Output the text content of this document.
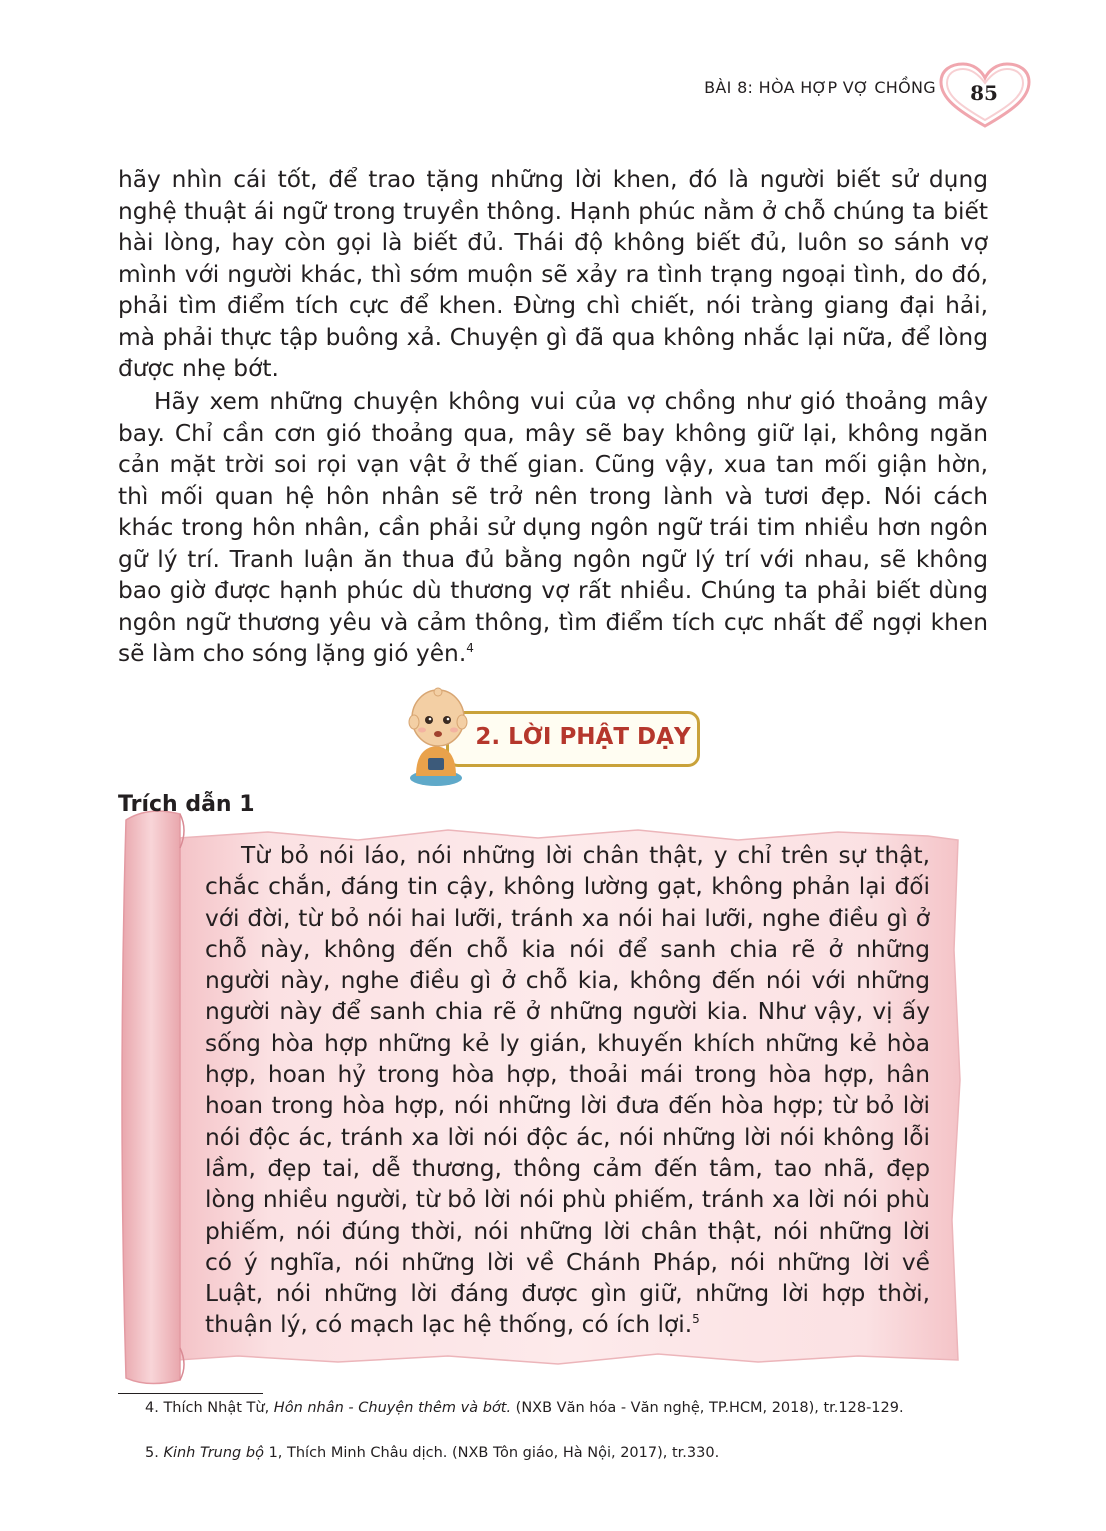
BÀI 8: HÒA HỢP VỢ CHỒNG	85

hãy nhìn cái tốt, để trao tặng những lời khen, đó là người biết sử dụng nghệ thuật ái ngữ trong truyền thông. Hạnh phúc nằm ở chỗ chúng ta biết hài lòng, hay còn gọi là biết đủ. Thái độ không biết đủ, luôn so sánh vợ mình với người khác, thì sớm muộn sẽ xảy ra tình trạng ngoại tình, do đó, phải tìm điểm tích cực để khen. Đừng chì chiết, nói tràng giang đại hải, mà phải thực tập buông xả. Chuyện gì đã qua không nhắc lại nữa, để lòng được nhẹ bớt.

Hãy xem những chuyện không vui của vợ chồng như gió thoảng mây bay. Chỉ cần cơn gió thoảng qua, mây sẽ bay không giữ lại, không ngăn cản mặt trời soi rọi vạn vật ở thế gian. Cũng vậy, xua tan mối giận hờn, thì mối quan hệ hôn nhân sẽ trở nên trong lành và tươi đẹp. Nói cách khác trong hôn nhân, cần phải sử dụng ngôn ngữ trái tim nhiều hơn ngôn gữ lý trí. Tranh luận ăn thua đủ bằng ngôn ngữ lý trí với nhau, sẽ không bao giờ được hạnh phúc dù thương vợ rất nhiều. Chúng ta phải biết dùng ngôn ngữ thương yêu và cảm thông, tìm điểm tích cực nhất để ngợi khen sẽ làm cho sóng lặng gió yên.$^4$

2. LỜI PHẬT DẠY
Trích dẫn 1

Từ bỏ nói láo, nói những lời chân thật, y chỉ trên sự thật, chắc chắn, đáng tin cậy, không lường gạt, không phản lại đối với đời, từ bỏ nói hai lưỡi, tránh xa nói hai lưỡi, nghe điều gì ở chỗ này, không đến chỗ kia nói để sanh chia rẽ ở những người này, nghe điều gì ở chỗ kia, không đến nói với những người này để sanh chia rẽ ở những người kia. Như vậy, vị ấy sống hòa hợp những kẻ ly gián, khuyến khích những kẻ hòa hợp, hoan hỷ trong hòa hợp, thoải mái trong hòa hợp, hân hoan trong hòa hợp, nói những lời đưa đến hòa hợp; từ bỏ lời nói độc ác, tránh xa lời nói độc ác, nói những lời nói không lỗi lầm, đẹp tai, dễ thương, thông cảm đến tâm, tao nhã, đẹp lòng nhiều người, từ bỏ lời nói phù phiếm, tránh xa lời nói phù phiếm, nói đúng thời, nói những lời chân thật, nói những lời có ý nghĩa, nói những lời về Chánh Pháp, nói những lời về Luật, nói những lời đáng được gìn giữ, những lời hợp thời, thuận lý, có mạch lạc hệ thống, có ích lợi.$^5$

4. Thích Nhật Từ, Hôn nhân - Chuyện thêm và bớt. (NXB Văn hóa - Văn nghệ, TP.HCM, 2018), tr.128-129.

5. Kinh Trung bộ 1, Thích Minh Châu dịch. (NXB Tôn giáo, Hà Nội, 2017), tr.330.
